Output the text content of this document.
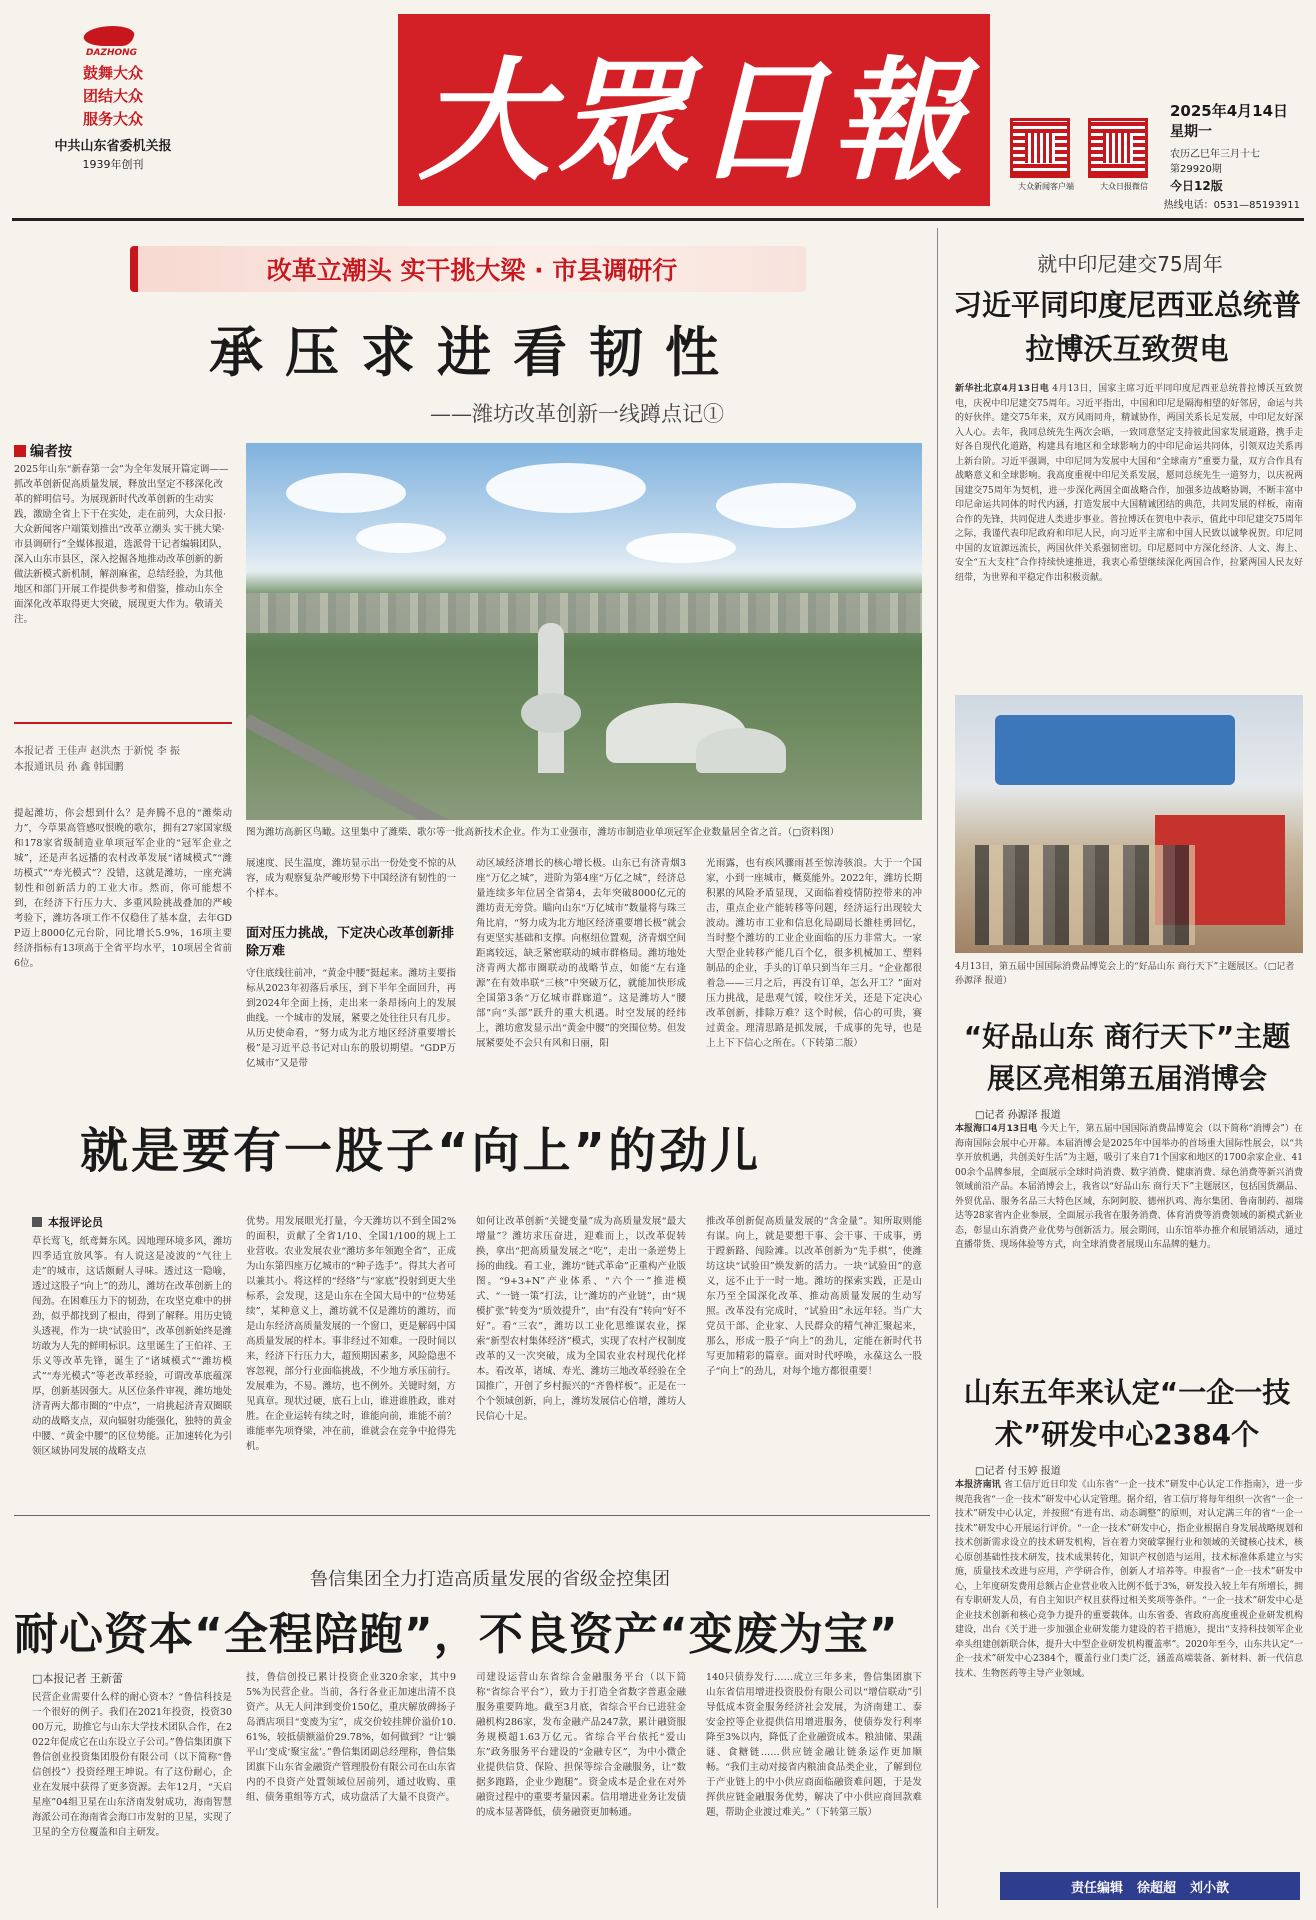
DAZHONG
鼓舞大众
团结大众
服务大众
中共山东省委机关报
1939年创刊	大眾日報	大众新闻客户端	大众日报微信
2025年4月14日
星期一
农历乙巳年三月十七
第29920期
今日12版
热线电话：0531—85193911
改革立潮头 实干挑大梁 · 市县调研行
承压求进看韧性
——潍坊改革创新一线蹲点记①
编者按
2025年山东“新春第一会”为全年发展开篇定调——抓改革创新促高质量发展，释放出坚定不移深化改革的鲜明信号。为展现新时代改革创新的生动实践，激励全省上下干在实处，走在前列，大众日报·大众新闻客户端策划推出“改革立潮头 实干挑大梁·市县调研行”全媒体报道，选派骨干记者编辑团队，深入山东市县区，深入挖掘各地推动改革创新的新做法新模式新机制，解剖麻雀，总结经验，为其他地区和部门开展工作提供参考和借鉴，推动山东全面深化改革取得更大突破，展现更大作为。敬请关注。
本报记者 王佳声 赵洪杰 于新悦 李 振
本报通讯员 孙 鑫 韩国鹏
图为潍坊高新区鸟瞰。这里集中了潍柴、歌尔等一批高新技术企业。作为工业强市，潍坊市制造业单项冠军企业数量居全省之首。（□资料图）
提起潍坊，你会想到什么？是奔腾不息的“潍柴动力”，今草果高管感叹恨晚的歌尔，拥有27家国家级和178家省级制造业单项冠军企业的“冠军企业之城”，还是声名远播的农村改革发展“诸城模式”“潍坊模式”“寿光模式”？没错，这就是潍坊，一座充满韧性和创新活力的工业大市。然而，你可能想不到，在经济下行压力大、多重风险挑战叠加的严峻考验下，潍坊各项工作不仅稳住了基本盘，去年GDP迈上8000亿元台阶，同比增长5.9%，16项主要经济指标有13项高于全省平均水平，10项居全省前6位。
展速度、民生温度，潍坊显示出一份处变不惊的从容，成为观察复杂严峻形势下中国经济有韧性的一个样本。
面对压力挑战，下定决心改革创新排除万难
守住底线往前冲，“黄金中腰”挺起来。潍坊主要指标从2023年初落后承压，到下半年全面回升，再到2024年全面上扬，走出来一条昂扬向上的发展曲线。一个城市的发展，紧要之处往往只有几步。从历史使命看，“努力成为北方地区经济重要增长极”是习近平总书记对山东的殷切期望。“GDP万亿城市”又是带
动区域经济增长的核心增长极。山东已有济青烟3座“万亿之城”，进阶为第4座“万亿之城”，经济总量连续多年位居全省第4，去年突破8000亿元的潍坊责无旁贷。瞄向山东“万亿城市”数量将与珠三角比肩，“努力成为北方地区经济重要增长极”就会有更坚实基础和支撑。向枢纽位置观，济青烟空间距离较远，缺乏紧密联动的城市群格局。潍坊地处济青两大都市圈联动的战略节点，如能“左右逢源”在有效串联“三核”中突破万亿，就能加快形成全国第3条“万亿城市群廊道”。这是潍坊人“腰部”向“头部”跃升的重大机遇。时空发展的经纬上，潍坊愈发显示出“黄金中腰”的突围位势。但发展紧要处不会只有风和日丽，阳
光雨露，也有疾风骤雨甚至惊涛骇浪。大于一个国家，小到一座城市，概莫能外。2022年，潍坊长期积累的风险矛盾显现，又面临着疫情防控带来的冲击，重点企业产能转移等问题，经济运行出现较大波动。潍坊市工业和信息化局副局长雒桂勇回忆，当时整个潍坊的工业企业面临的压力非常大。一家大型企业转移产能几百个亿，很多机械加工、塑料制品的企业，手头的订单只到当年三月。“企业都很着急——三月之后，再没有订单，怎么开工？”面对压力挑战，是患观气馁，咬住牙关，还是下定决心改革创新，排除万难？这个时候，信心的可贵，赛过黄金。理清思路是抓发展，千成事的先导，也是上上下下信心之所在。（下转第二版）
就是要有一股子“向上”的劲儿
本报评论员
草长莺飞，纸鸢舞东风。因地理环境多风，潍坊四季适宜放风筝。有人说这是凌波的“气往上走”的城市，这话颇耐人寻味。透过这一隐喻，透过这股子“向上”的劲儿，潍坊在改革创新上的闯劲。在困难压力下的韧劲，在攻坚克难中的拼劲，似乎都找到了根由，得到了解释。用历史镜头透视，作为一块“试验田”，改革创新始终是潍坊敢为人先的鲜明标识。这里诞生了王伯祥、王乐义等改革先锋，诞生了“诸城模式”“潍坊模式”“寿光模式”等老改革经验，可谓改革底蕴深厚，创新基因强大。从区位条件审视，潍坊地处济青两大都市圈的“中点”，一肩挑起济青双圈联动的战略支点，双向辐射功能强化，独特的黄金中腰、“黄金中腰”的区位势能。正加速转化为引领区域协同发展的战略支点
优势。用发展眼光打量，今天潍坊以不到全国2%的面积，贡献了全省1/10、全国1/100的规上工业营收。农业发展农业“潍坊多年领跑全省”，正成为山东第四座万亿城市的“种子选手”。得其大者可以兼其小。将这样的“经络”与“家底”投射到更大坐标系，会发现，这是山东在全国大局中的“位势延续”，某种意义上，潍坊就不仅是潍坊的潍坊，而是山东经济高质量发展的一个窗口，更是解码中国高质量发展的样本。事非经过不知难。一段时间以来，经济下行压力大，超预期因素多，风险隐患不容忽视，部分行业面临挑战，不少地方承压前行。发展难为，不易。潍坊，也不例外。关键时刻，方见真章。现状过硬，底石上山，谁进谁胜政，谁对胜。在企业运转有续之时，谁能向前，谁能不前？谁能率先项脊梁，冲在前，谁就会在竞争中抢得先机。
如何让改革创新“关键变量”成为高质量发展“最大增量”？潍坊求压奋进，迎难而上，以改革促转换，拿出“把高质量发展之“吃”，走出一条逆势上扬的曲线。看工业，潍坊“链式革命”正重构产业版图。“9+3+N”产业体系、“六个一”推进模式、“一链一策”打法，让“潍坊的产业链”，由“规模扩张”转变为“质效提升”，由“有没有”转向“好不好”。看“三农”，潍坊以工业化思维谋农业，探索“新型农村集体经济”模式，实现了农村产权制度改革的又一次突破，成为全国农业农村现代化样本。看改革，诸城、寿光、潍坊三地改革经验在全国推广，开创了乡村振兴的“齐鲁样板”。正是在一个个领域创新，向上，潍坊发展信心倍增，潍坊人民信心十足。
推改革创新促高质量发展的“含金量”。知所取则能有谋。向上，就是要想干事、会干事、干成事，勇于蹚新路、闯险滩。以改革创新为“先手棋”，使潍坊这块“试验田”焕发新的活力。一块“试验田”的意义，远不止于一时一地。潍坊的探索实践，正是山东乃至全国深化改革、推动高质量发展的生动写照。改革没有完成时，“试验田”永远年轻。当广大党员干部、企业家、人民群众的精气神汇聚起来，那么，形成一股子“向上”的劲儿，定能在新时代书写更加精彩的篇章。面对时代呼唤，永葆这么一股子“向上”的劲儿，对每个地方都很重要！
鲁信集团全力打造高质量发展的省级金控集团
耐心资本“全程陪跑”，不良资产“变废为宝”
□本报记者 王新蕾
民营企业需要什么样的耐心资本？“鲁信科技是一个很好的例子。我们在2021年投资，投资3000万元，助推它与山东大学技术团队合作，在2022年促成它在山东设立子公司。”鲁信集团旗下鲁信创业投资集团股份有限公司（以下简称“鲁信创投”）投资经理王坤说。有了这份耐心，企业在发展中获得了更多资源。去年12月，“天启星座”04组卫星在山东济南发射成功，海南智慧海派公司在海南省会海口市发射的卫星，实现了卫星的全方位覆盖和自主研发。
技，鲁信创投已累计投资企业320余家，其中95%为民营企业。当前，各行各业正加速出清不良资产。从无人问津到变价150亿，重庆解放碑扬子岛酒店项目“变废为宝”，成交价较挂牌价溢价10.61%，较抵债额溢价29.78%，如何做到？“让‘躺平山’变成‘聚宝盆’。”鲁信集团副总经理称，鲁信集团旗下山东省金融资产管理股份有限公司在山东省内的不良资产处置领域位居前列，通过收购、重组、债务重组等方式，成功盘活了大量不良资产。
司建设运营山东省综合金融服务平台（以下简称“省综合平台”），致力于打造全省数字普惠金融服务重要阵地。截至3月底，省综合平台已进驻金融机构286家，发布金融产品247款，累计融资服务规模超1.63万亿元。省综合平台依托“爱山东”政务服务平台建设的“金融专区”，为中小微企业提供信贷、保险、担保等综合金融服务，让“数据多跑路，企业少跑腿”。资金成本是企业在对外融资过程中的重要考量因素。信用增进业务让发债的成本显著降低，债务融资更加畅通。
140只债券发行……成立三年多来，鲁信集团旗下山东省信用增进投资股份有限公司以“增信联动”引导低成本资金服务经济社会发展，为济南建工、泰安金控等企业提供信用增进服务，使债券发行利率降至3%以内，降低了企业融资成本。粮油储、果蔬谜、食糖链……供应链金融让链条运作更加顺畅。“我们主动对接省内粮油食品类企业，了解到位于产业链上的中小供应商面临融资难问题，于是发挥供应链金融服务优势，解决了中小供应商回款难题，帮助企业渡过难关。”（下转第三版）
就中印尼建交75周年
习近平同印度尼西亚总统普拉博沃互致贺电
新华社北京4月13日电 4月13日，国家主席习近平同印度尼西亚总统普拉博沃互致贺电，庆祝中印尼建交75周年。习近平指出，中国和印尼是隔海相望的好邻居，命运与共的好伙伴。建交75年来，双方风雨同舟，精诚协作，两国关系长足发展，中印尼友好深入人心。去年，我同总统先生两次会晤，一致同意坚定支持彼此国家发展道路，携手走好各自现代化道路，构建具有地区和全球影响力的中印尼命运共同体，引领双边关系再上新台阶。习近平强调，中印尼同为发展中大国和“全球南方”重要力量，双方合作具有战略意义和全球影响。我高度重视中印尼关系发展，愿同总统先生一道努力，以庆祝两国建交75周年为契机，进一步深化两国全面战略合作，加强多边战略协调，不断丰富中印尼命运共同体的时代内涵，打造发展中大国精诚团结的典范，共同发展的样板，南南合作的先锋，共同促进人类进步事业。普拉博沃在贺电中表示，值此中印尼建交75周年之际，我谨代表印尼政府和印尼人民，向习近平主席和中国人民致以诚挚祝贺。印尼同中国的友谊源远流长，两国伙伴关系强韧密切。印尼愿同中方深化经济、人文、海上、安全“五大支柱”合作持续快速推进，我衷心希望继续深化两国合作，拉紧两国人民友好纽带，为世界和平稳定作出积极贡献。
4月13日，第五届中国国际消费品博览会上的“好品山东 商行天下”主题展区。（□记者 孙源泽 报道）
“好品山东 商行天下”主题展区亮相第五届消博会
□记者 孙源泽 报道
本报海口4月13日电 今天上午，第五届中国国际消费品博览会（以下简称“消博会”）在海南国际会展中心开幕。本届消博会是2025年中国举办的首场重大国际性展会，以“共享开放机遇，共创美好生活”为主题，吸引了来自71个国家和地区的1700余家企业、4100余个品牌参展，全面展示全球时尚消费、数字消费、健康消费、绿色消费等新兴消费领域前沿产品。本届消博会上，我省以“好品山东 商行天下”主题展区，包括国货潮品、外贸优品、服务名品三大特色区域，东阿阿胶、德州扒鸡、海尔集团、鲁南制药、福瑞达等28家省内企业参展，全面展示我省在服务消费、体育消费等消费领域的新模式新业态，彰显山东消费产业优势与创新活力。展会期间，山东馆举办推介和展销活动，通过直播带货、现场体验等方式，向全球消费者展现山东品牌的魅力。
山东五年来认定“一企一技术”研发中心2384个
□记者 付玉婷 报道
本报济南讯 省工信厅近日印发《山东省“一企一技术”研发中心认定工作指南》，进一步规范我省“一企一技术”研发中心认定管理。据介绍，省工信厅将每年组织一次省“一企一技术”研发中心认定，并按照“有进有出、动态调整”的原则，对认定满三年的省“一企一技术”研发中心开展运行评价。“一企一技术”研发中心，指企业根据自身发展战略规划和技术创新需求设立的技术研发机构，旨在着力突破掌握行业和领域的关键核心技术，核心原创基础性技术研发，技术成果转化，知识产权创造与运用，技术标准体系建立与实施，质量技术改进与应用，产学研合作，创新人才培养等。申报省“一企一技术”研发中心，上年度研发费用总额占企业营业收入比例不低于3%，研发投入较上年有所增长，拥有专职研发人员，有自主知识产权且获得过相关奖项等条件。“一企一技术”研发中心是企业技术创新和核心竞争力提升的重要载体。山东省委、省政府高度重视企业研发机构建设，出台《关于进一步加强企业研发能力建设的若干措施》，提出“支持科技领军企业牵头组建创新联合体，提升大中型企业研发机构覆盖率”。2020年至今，山东共认定“一企一技术”研发中心2384个，覆盖行业门类广泛，涵盖高端装备、新材料、新一代信息技术、生物医药等主导产业领域。
责任编辑 徐超超 刘小歆
